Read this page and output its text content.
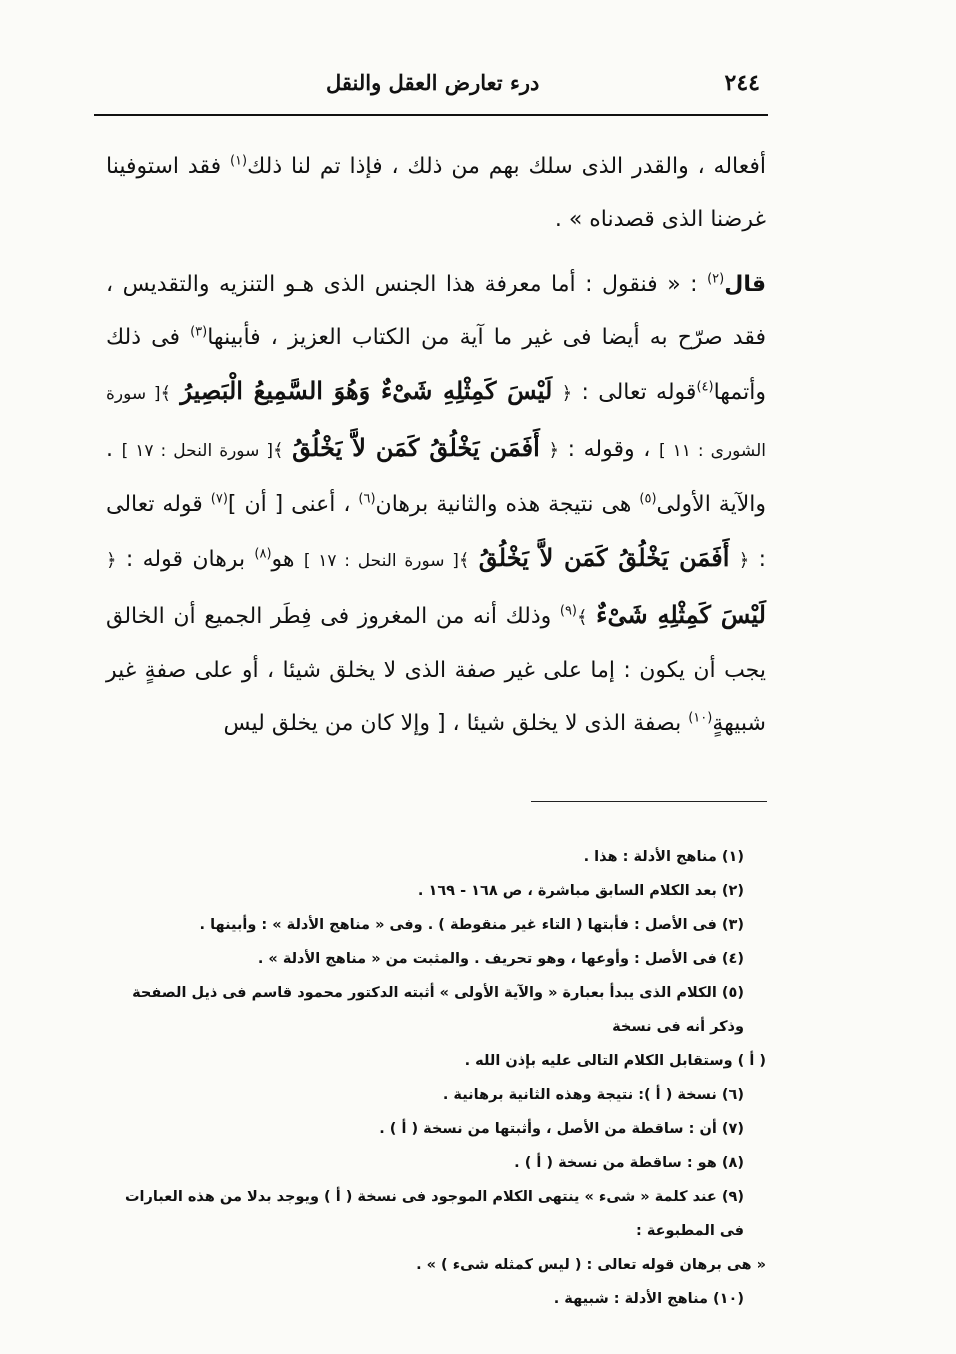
٢٤٤
درء تعارض العقل والنقل

أفعاله ، والقدر الذى سلك بهم من ذلك ، فإذا تم لنا ذلك$^{(١)}$ فقد استوفينا غرضنا الذى قصدناه » .

قال$^{(٢)}$ : « فنقول : أما معرفة هذا الجنس الذى هـو التنزيه والتقديس ، فقد صرّح به أيضا فى غير ما آية من الكتاب العزيز ، فأبينها$^{(٣)}$ فى ذلك وأتمها$^{(٤)}$قوله تعالى : ﴿ لَيْسَ كَمِثْلِهِ شَىْءٌ وَهُوَ السَّمِيعُ الْبَصِيرُ ﴾[ سورة الشورى : ١١ ] ، وقوله : ﴿ أَفَمَن يَخْلُقُ كَمَن لاَّ يَخْلُقُ ﴾[ سورة النحل : ١٧ ] . والآية الأولى$^{(٥)}$ هى نتيجة هذه والثانية برهان$^{(٦)}$ ، أعنى [ أن ]$^{(٧)}$ قوله تعالى : ﴿ أَفَمَن يَخْلُقُ كَمَن لاَّ يَخْلُقُ ﴾[ سورة النحل : ١٧ ] هو$^{(٨)}$ برهان قوله : ﴿ لَيْسَ كَمِثْلِهِ شَىْءٌ ﴾$^{(٩)}$ وذلك أنه من المغروز فى فِطَر الجميع أن الخالق يجب أن يكون : إما على غير صفة الذى لا يخلق شيئا ، أو على صفةٍ غير شبيهةٍ$^{(١٠)}$ بصفة الذى لا يخلق شيئا ، [ وإلا كان من يخلق ليس

(١) مناهج الأدلة : هذا .

(٢) بعد الكلام السابق مباشرة ، ص ١٦٨ - ١٦٩ .

(٣) فى الأصل : فأبتها ( التاء غير منقوطة ) . وفى « مناهج الأدلة » : وأبينها .

(٤) فى الأصل : وأوعها ، وهو تحريف . والمثبت من « مناهج الأدلة » .

(٥) الكلام الذى يبدأ بعبارة « والآية الأولى » أثبته الدكتور محمود قاسم فى ذيل الصفحة وذكر أنه فى نسخة

( أ ) وستقابل الكلام التالى عليه بإذن الله .

(٦) نسخة ( أ ): نتيجة وهذه الثانية برهانية .

(٧) أن : ساقطة من الأصل ، وأثبتها من نسخة ( أ ) .

(٨) هو : ساقطة من نسخة ( أ ) .

(٩) عند كلمة « شىء » ينتهى الكلام الموجود فى نسخة ( أ ) ويوجد بدلا من هذه العبارات فى المطبوعة :

« هى برهان قوله تعالى : ( ليس كمثله شىء ) » .

(١٠) مناهج الأدلة : شبيهة .
